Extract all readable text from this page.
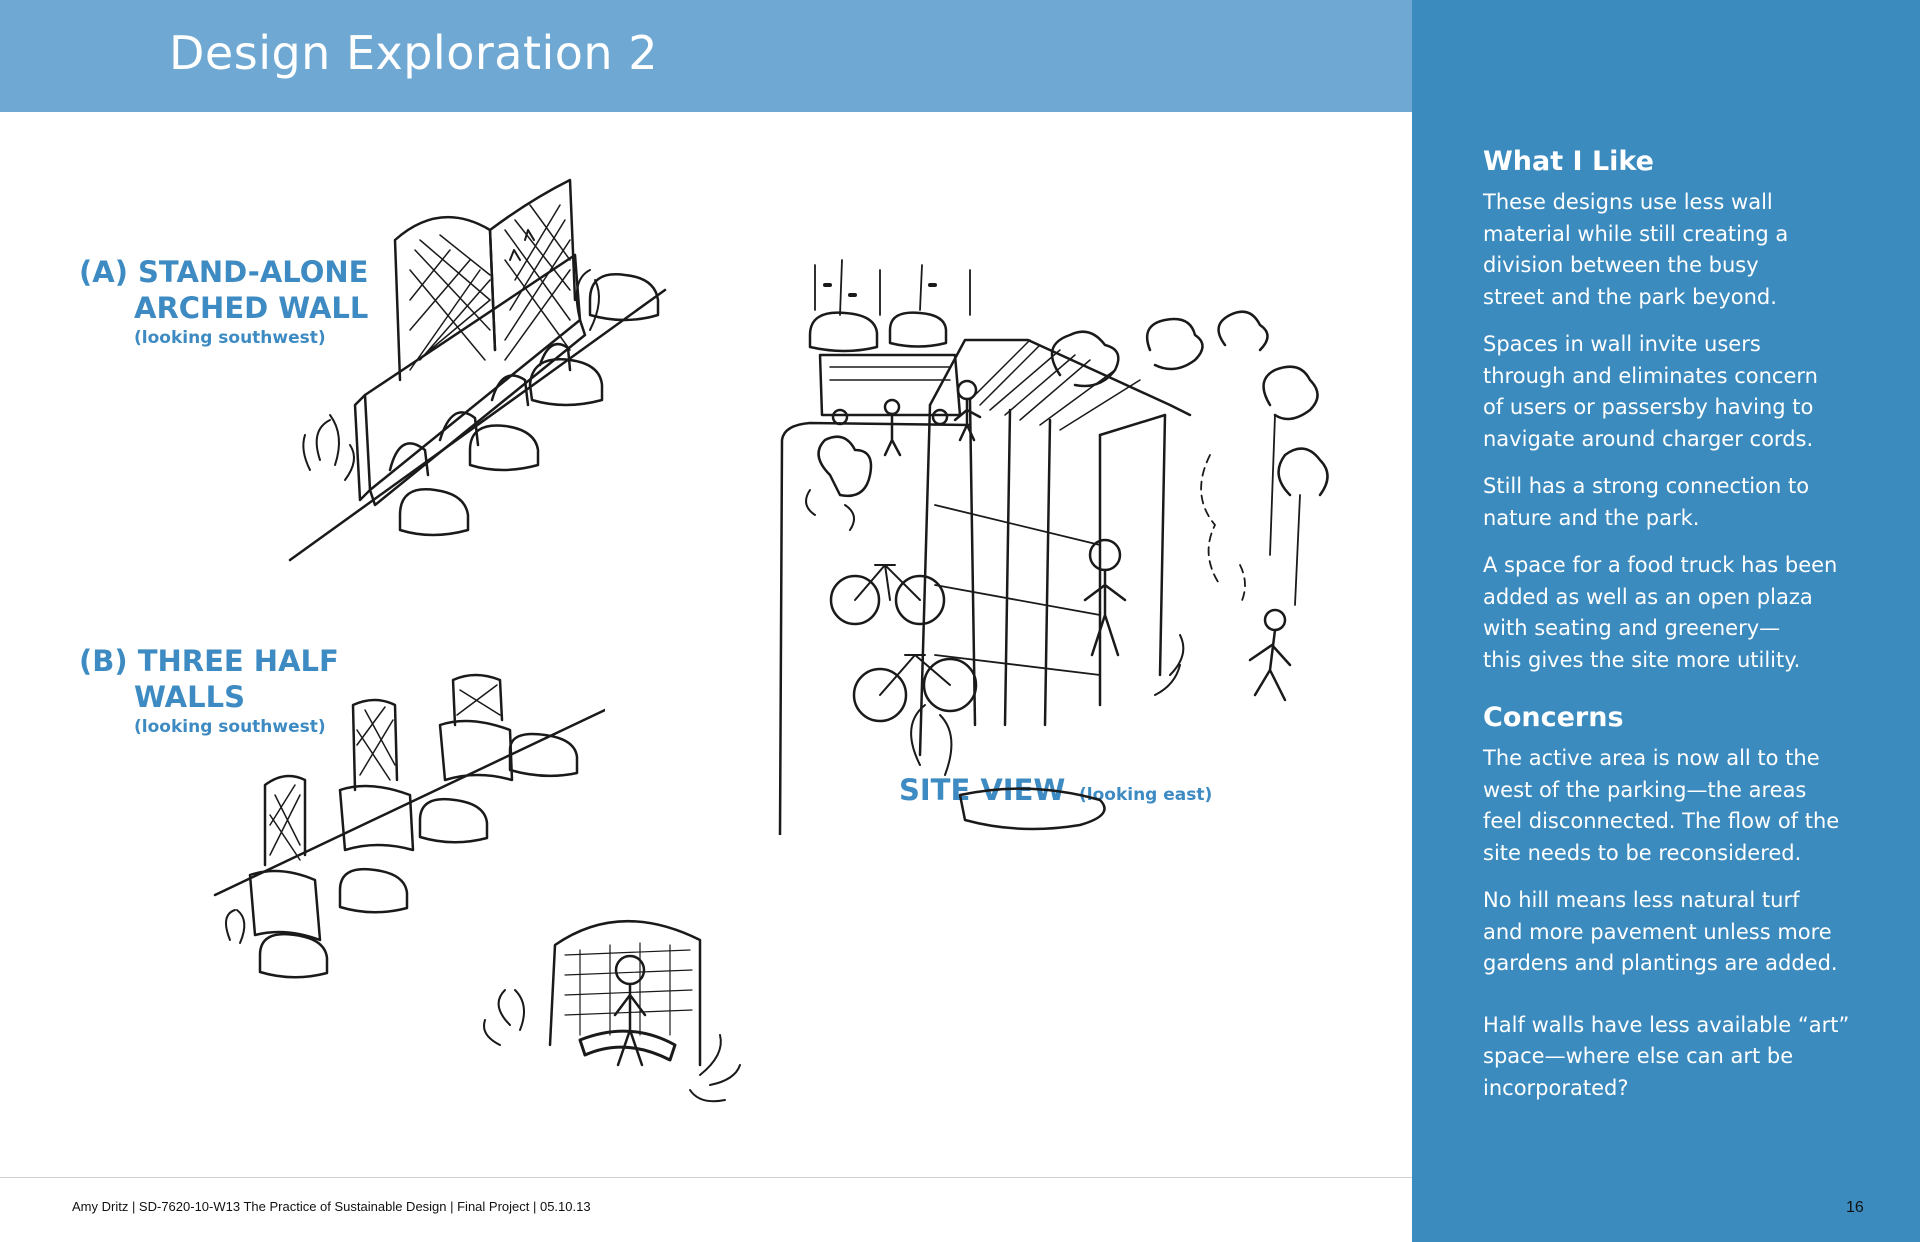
Design Exploration 2
(A) STAND-ALONE
ARCHED WALL
(looking southwest)
(B) THREE HALF
WALLS
(looking southwest)
SITE VIEW (looking east)
What I Like

These designs use less wall
material while still creating a
division between the busy
street and the park beyond.

Spaces in wall invite users
through and eliminates concern
of users or passersby having to
navigate around charger cords.

Still has a strong connection to
nature and the park.

A space for a food truck has been
added as well as an open plaza
with seating and greenery—
this gives the site more utility.

Concerns

The active area is now all to the
west of the parking—the areas
feel disconnected. The flow of the
site needs to be reconsidered.

No hill means less natural turf
and more pavement unless more
gardens and plantings are added.

Half walls have less available “art”
space—where else can art be
incorporated?

Amy Dritz | SD-7620-10-W13 The Practice of Sustainable Design | Final Project | 05.10.13	16
